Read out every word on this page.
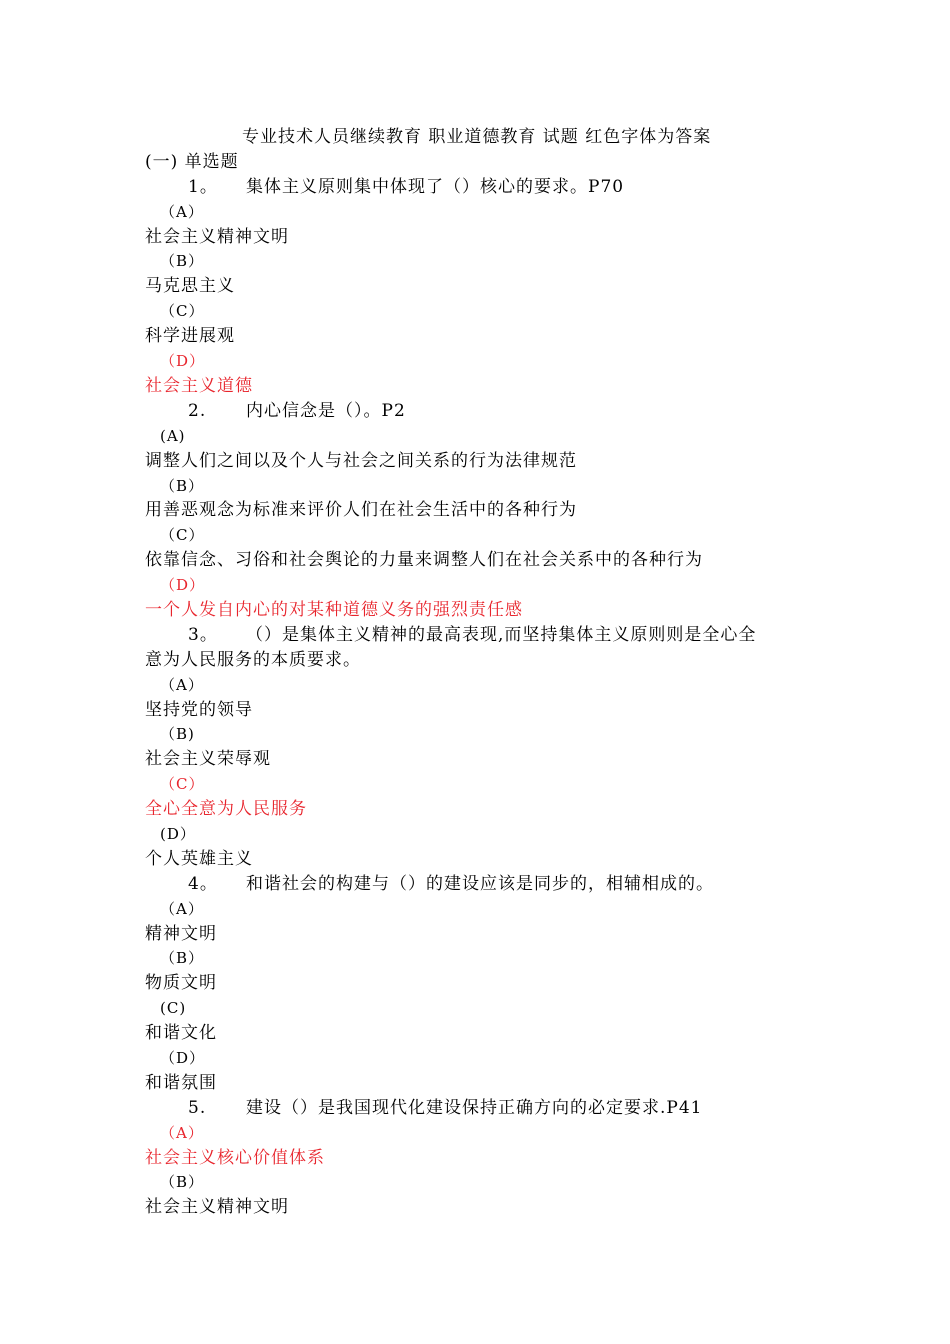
专业技术人员继续教育 职业道德教育 试题 红色字体为答案
(一) 单选题
1。 集体主义原则集中体现了（）核心的要求。P70
（A）
社会主义精神文明
（B）
马克思主义
（C）
科学进展观
（D）
社会主义道德
2. 内心信念是（）。P2
(A)
调整人们之间以及个人与社会之间关系的行为法律规范
（B）
用善恶观念为标准来评价人们在社会生活中的各种行为
（C）
依靠信念、习俗和社会舆论的力量来调整人们在社会关系中的各种行为
（D）
一个人发自内心的对某种道德义务的强烈责任感
3。 （）是集体主义精神的最高表现,而坚持集体主义原则则是全心全
意为人民服务的本质要求。
（A）
坚持党的领导
（B)
社会主义荣辱观
（C）
全心全意为人民服务
(D）
个人英雄主义
4。 和谐社会的构建与（）的建设应该是同步的，相辅相成的。
（A）
精神文明
（B）
物质文明
(C)
和谐文化
（D）
和谐氛围
5. 建设（）是我国现代化建设保持正确方向的必定要求.P41
（A）
社会主义核心价值体系
（B）
社会主义精神文明
